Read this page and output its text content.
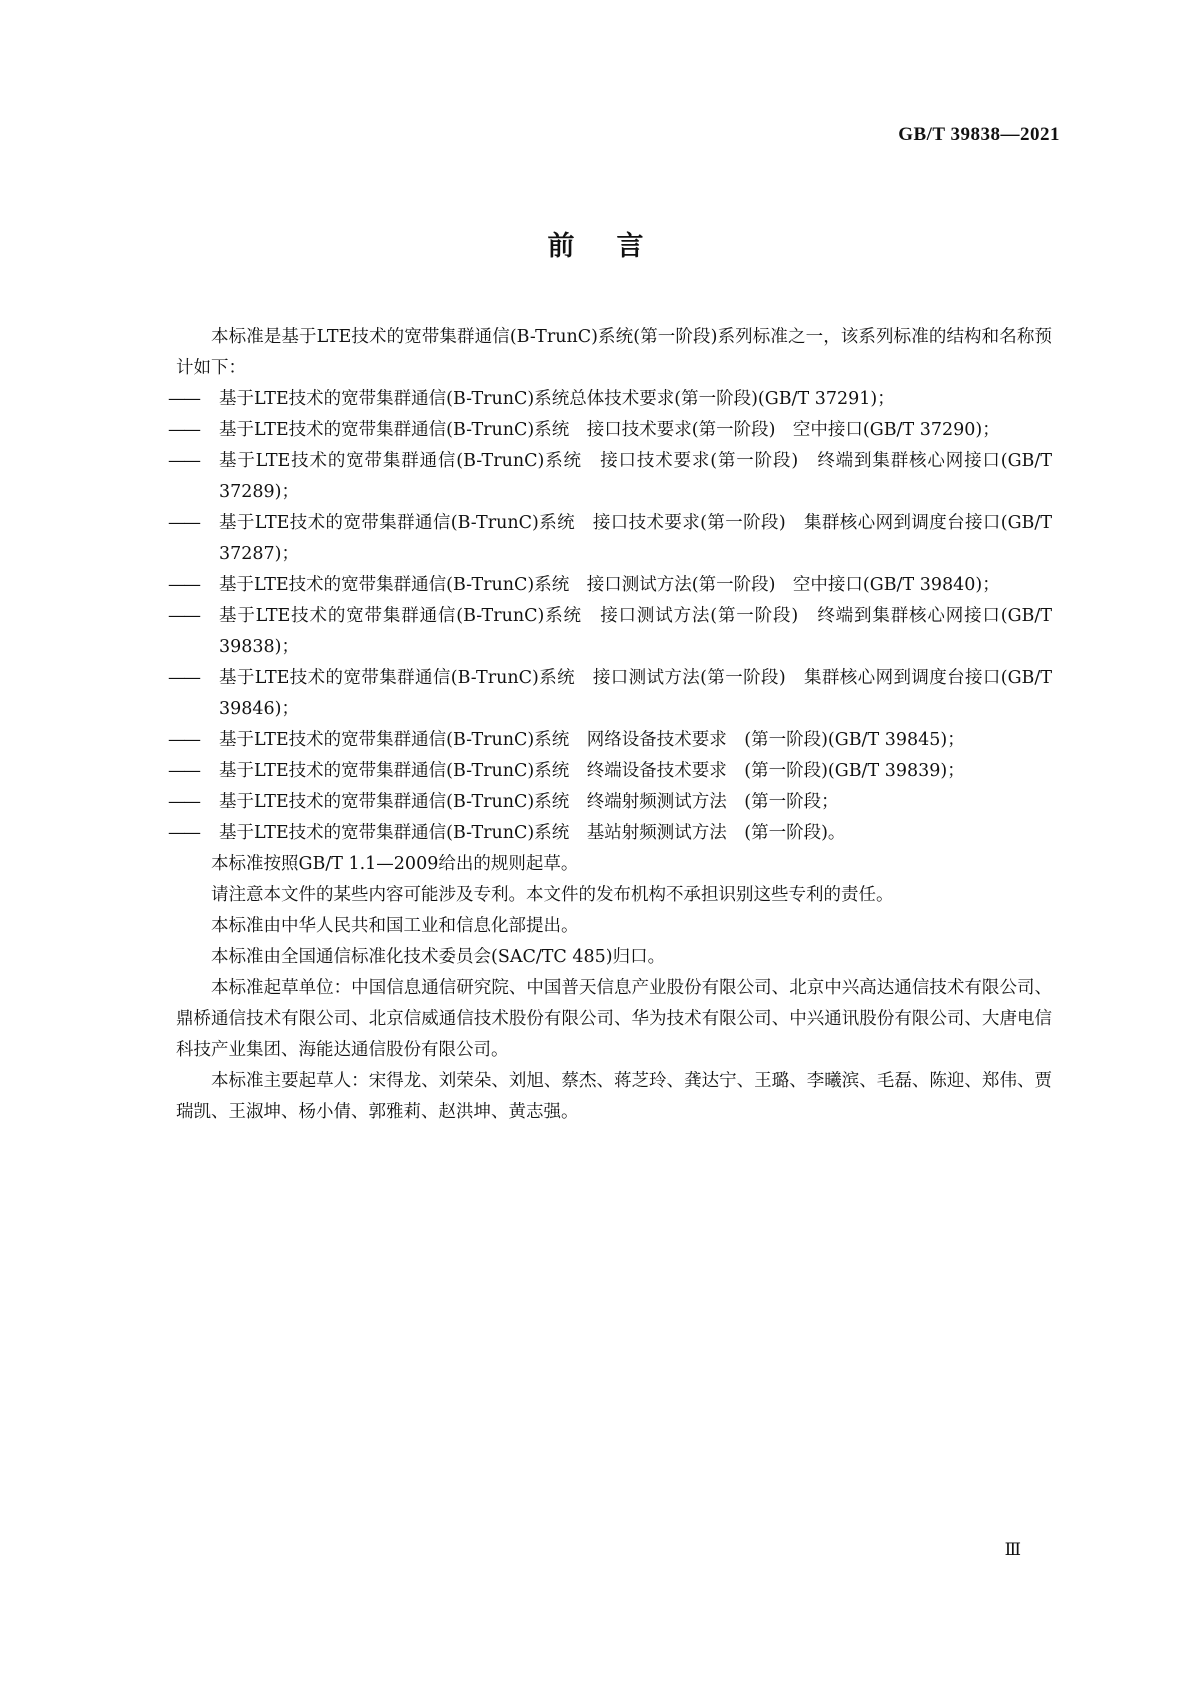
GB/T 39838—2021

前言

本标准是基于LTE技术的宽带集群通信(B-TrunC)系统(第一阶段)系列标准之一，该系列标准的结构和名称预计如下：

—— 基于LTE技术的宽带集群通信(B-TrunC)系统总体技术要求(第一阶段)(GB/T 37291)；

—— 基于LTE技术的宽带集群通信(B-TrunC)系统　接口技术要求(第一阶段)　空中接口(GB/T 37290)；

—— 基于LTE技术的宽带集群通信(B-TrunC)系统　接口技术要求(第一阶段)　终端到集群核心网接口(GB/T 37289)；

—— 基于LTE技术的宽带集群通信(B-TrunC)系统　接口技术要求(第一阶段)　集群核心网到调度台接口(GB/T 37287)；

—— 基于LTE技术的宽带集群通信(B-TrunC)系统　接口测试方法(第一阶段)　空中接口(GB/T 39840)；

—— 基于LTE技术的宽带集群通信(B-TrunC)系统　接口测试方法(第一阶段)　终端到集群核心网接口(GB/T 39838)；

—— 基于LTE技术的宽带集群通信(B-TrunC)系统　接口测试方法(第一阶段)　集群核心网到调度台接口(GB/T 39846)；

—— 基于LTE技术的宽带集群通信(B-TrunC)系统　网络设备技术要求　(第一阶段)(GB/T 39845)；

—— 基于LTE技术的宽带集群通信(B-TrunC)系统　终端设备技术要求　(第一阶段)(GB/T 39839)；

—— 基于LTE技术的宽带集群通信(B-TrunC)系统　终端射频测试方法　(第一阶段；

—— 基于LTE技术的宽带集群通信(B-TrunC)系统　基站射频测试方法　(第一阶段)。

本标准按照GB/T 1.1—2009给出的规则起草。

请注意本文件的某些内容可能涉及专利。本文件的发布机构不承担识别这些专利的责任。

本标准由中华人民共和国工业和信息化部提出。

本标准由全国通信标准化技术委员会(SAC/TC 485)归口。

本标准起草单位：中国信息通信研究院、中国普天信息产业股份有限公司、北京中兴高达通信技术有限公司、鼎桥通信技术有限公司、北京信威通信技术股份有限公司、华为技术有限公司、中兴通讯股份有限公司、大唐电信科技产业集团、海能达通信股份有限公司。

本标准主要起草人：宋得龙、刘荣朵、刘旭、蔡杰、蒋芝玲、龚达宁、王璐、李曦滨、毛磊、陈迎、郑伟、贾瑞凯、王淑坤、杨小倩、郭雅莉、赵洪坤、黄志强。

Ⅲ
